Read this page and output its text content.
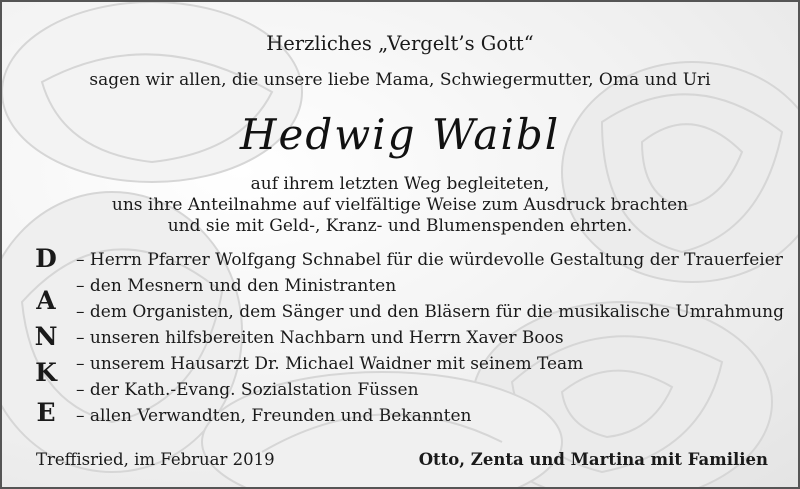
Herzliches „Vergelt’s Gott“
sagen wir allen, die unsere liebe Mama, Schwiegermutter, Oma und Uri
Hedwig Waibl
auf ihrem letzten Weg begleiteten,
uns ihre Anteilnahme auf vielfältige Weise zum Ausdruck brachten
und sie mit Geld-, Kranz- und Blumenspenden ehrten.
D
A
N
K
E
– Herrn Pfarrer Wolfgang Schnabel für die würdevolle Gestaltung der Trauerfeier
– den Mesnern und den Ministranten
– dem Organisten, dem Sänger und den Bläsern für die musikalische Umrahmung
– unseren hilfsbereiten Nachbarn und Herrn Xaver Boos
– unserem Hausarzt Dr. Michael Waidner mit seinem Team
– der Kath.-Evang. Sozialstation Füssen
– allen Verwandten, Freunden und Bekannten
Treffisried, im Februar 2019	Otto, Zenta und Martina mit Familien
